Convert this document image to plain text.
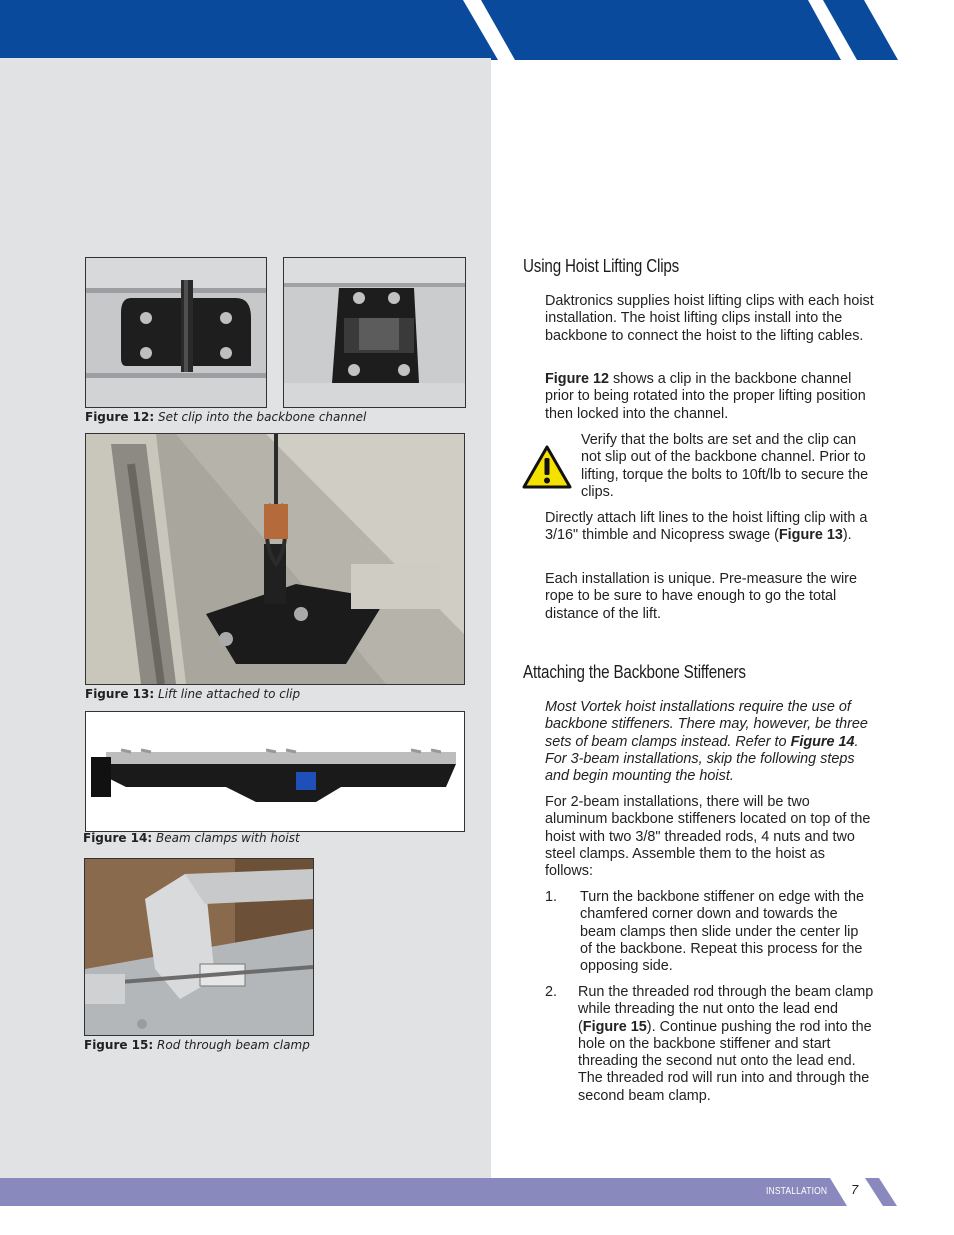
Figure 12: Set clip into the backbone channel
Figure 13: Lift line attached to clip
Figure 14: Beam clamps with hoist
Figure 15: Rod through beam clamp
Using Hoist Lifting Clips

Daktronics supplies hoist lifting clips with each hoist installation. The hoist lifting clips install into the backbone to connect the hoist to the lifting cables.

Figure 12 shows a clip in the backbone channel prior to being rotated into the proper lifting position then locked into the channel.

Verify that the bolts are set and the clip can not slip out of the backbone channel. Prior to lifting, torque the bolts to 10ft/lb to secure the clips.

Directly attach lift lines to the hoist lifting clip with a 3/16" thimble and Nicopress swage (Figure 13).

Each installation is unique. Pre-measure the wire rope to be sure to have enough to go the total distance of the lift.

Attaching the Backbone Stiffeners

Most Vortek hoist installations require the use of backbone stiffeners. There may, however, be three sets of beam clamps instead. Refer to Figure 14. For 3-beam installations, skip the following steps and begin mounting the hoist.

For 2-beam installations, there will be two aluminum backbone stiffeners located on top of the hoist with two 3/8" threaded rods, 4 nuts and two steel clamps. Assemble them to the hoist as follows:

1. Turn the backbone stiffener on edge with the chamfered corner down and towards the beam clamps then slide under the center lip of the backbone. Repeat this process for the opposing side.
2. Run the threaded rod through the beam clamp while threading the nut onto the lead end (Figure 15). Continue pushing the rod into the hole on the backbone stiffener and start threading the second nut onto the lead end. The threaded rod will run into and through the second beam clamp.
INSTALLATION 7
